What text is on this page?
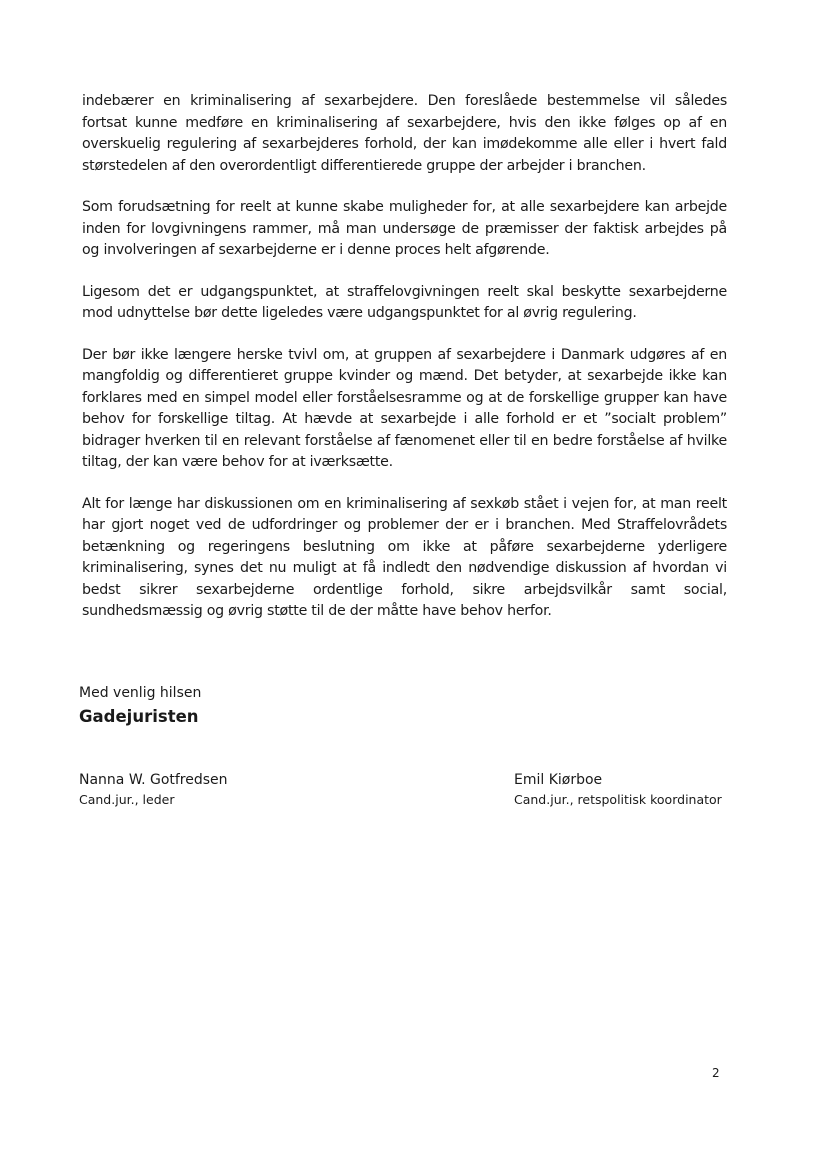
indebærer en kriminalisering af sexarbejdere. Den foreslåede bestemmelse vil således fortsat kunne medføre en kriminalisering af sexarbejdere, hvis den ikke følges op af en overskuelig regulering af sexarbejderes forhold, der kan imødekomme alle eller i hvert fald størstedelen af den overordentligt differentierede gruppe der arbejder i branchen.

Som forudsætning for reelt at kunne skabe muligheder for, at alle sexarbejdere kan arbejde inden for lovgivningens rammer, må man undersøge de præmisser der faktisk arbejdes på og involveringen af sexarbejderne er i denne proces helt afgørende.

Ligesom det er udgangspunktet, at straffelovgivningen reelt skal beskytte sexarbejderne mod udnyttelse bør dette ligeledes være udgangspunktet for al øvrig regulering.

Der bør ikke længere herske tvivl om, at gruppen af sexarbejdere i Danmark udgøres af en mangfoldig og differentieret gruppe kvinder og mænd. Det betyder, at sexarbejde ikke kan forklares med en simpel model eller forståelsesramme og at de forskellige grupper kan have behov for forskellige tiltag. At hævde at sexarbejde i alle forhold er et ”socialt problem” bidrager hverken til en relevant forståelse af fænomenet eller til en bedre forståelse af hvilke tiltag, der kan være behov for at iværksætte.

Alt for længe har diskussionen om en kriminalisering af sexkøb stået i vejen for, at man reelt har gjort noget ved de udfordringer og problemer der er i branchen. Med Straffelovrådets betænkning og regeringens beslutning om ikke at påføre sexarbejderne yderligere kriminalisering, synes det nu muligt at få indledt den nødvendige diskussion af hvordan vi bedst sikrer sexarbejderne ordentlige forhold, sikre arbejdsvilkår samt social, sundhedsmæssig og øvrig støtte til de der måtte have behov herfor.

Med venlig hilsen

Gadejuristen

Nanna W. Gotfredsen

Cand.jur., leder

Emil Kiørboe

Cand.jur., retspolitisk koordinator

2
